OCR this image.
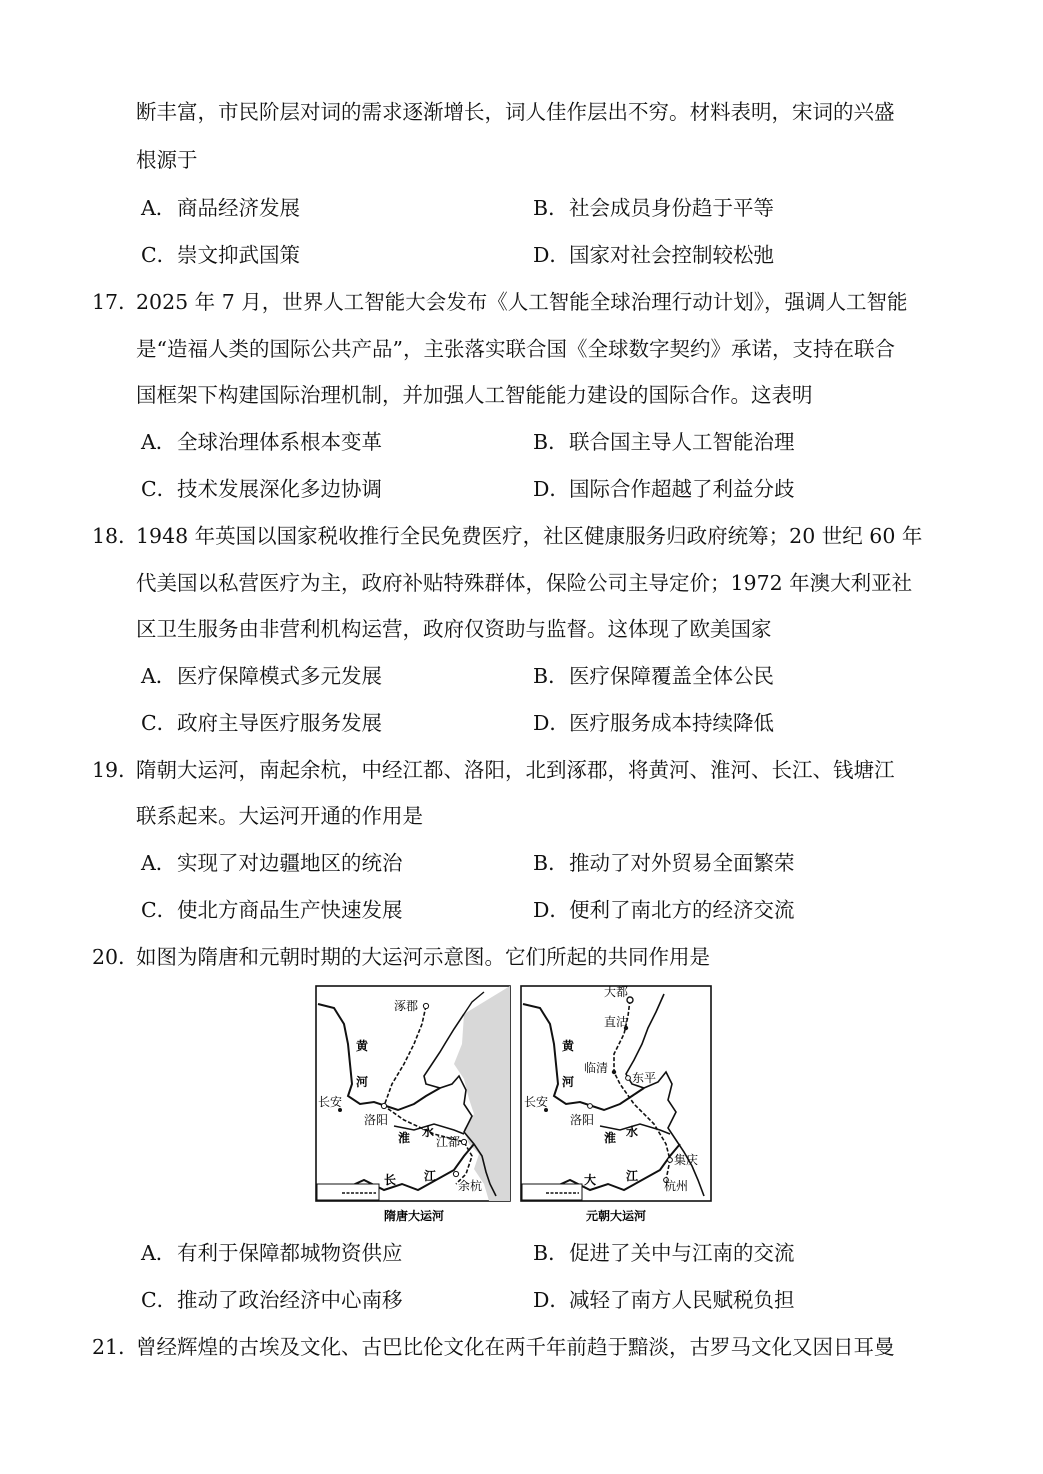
断丰富，市民阶层对词的需求逐渐增长，词人佳作层出不穷。材料表明，宋词的兴盛
根源于
A．商品经济发展	B．社会成员身份趋于平等
C．崇文抑武国策	D．国家对社会控制较松弛
17．
2025 年 7 月，世界人工智能大会发布《人工智能全球治理行动计划》，强调人工智能
是“造福人类的国际公共产品”，主张落实联合国《全球数字契约》承诺，支持在联合
国框架下构建国际治理机制，并加强人工智能能力建设的国际合作。这表明
A．全球治理体系根本变革	B．联合国主导人工智能治理
C．技术发展深化多边协调	D．国际合作超越了利益分歧
18．
1948 年英国以国家税收推行全民免费医疗，社区健康服务归政府统筹；20 世纪 60 年
代美国以私营医疗为主，政府补贴特殊群体，保险公司主导定价；1972 年澳大利亚社
区卫生服务由非营利机构运营，政府仅资助与监督。这体现了欧美国家
A．医疗保障模式多元发展	B．医疗保障覆盖全体公民
C．政府主导医疗服务发展	D．医疗服务成本持续降低
19．
隋朝大运河，南起余杭，中经江都、洛阳，北到涿郡，将黄河、淮河、长江、钱塘江
联系起来。大运河开通的作用是
A．实现了对边疆地区的统治	B．推动了对外贸易全面繁荣
C．使北方商品生产快速发展	D．便利了南北方的经济交流
20．
如图为隋唐和元朝时期的大运河示意图。它们所起的共同作用是
涿郡
黄
河
长安
洛阳
淮 水
江都
长 江
余杭
隋唐大运河
大都
直沽
黄
河
临清
东平
长安
洛阳
淮 水
集庆
大 江
杭州
元朝大运河
A．有利于保障都城物资供应	B．促进了关中与江南的交流
C．推动了政治经济中心南移	D．减轻了南方人民赋税负担
21．
曾经辉煌的古埃及文化、古巴比伦文化在两千年前趋于黯淡，古罗马文化又因日耳曼
